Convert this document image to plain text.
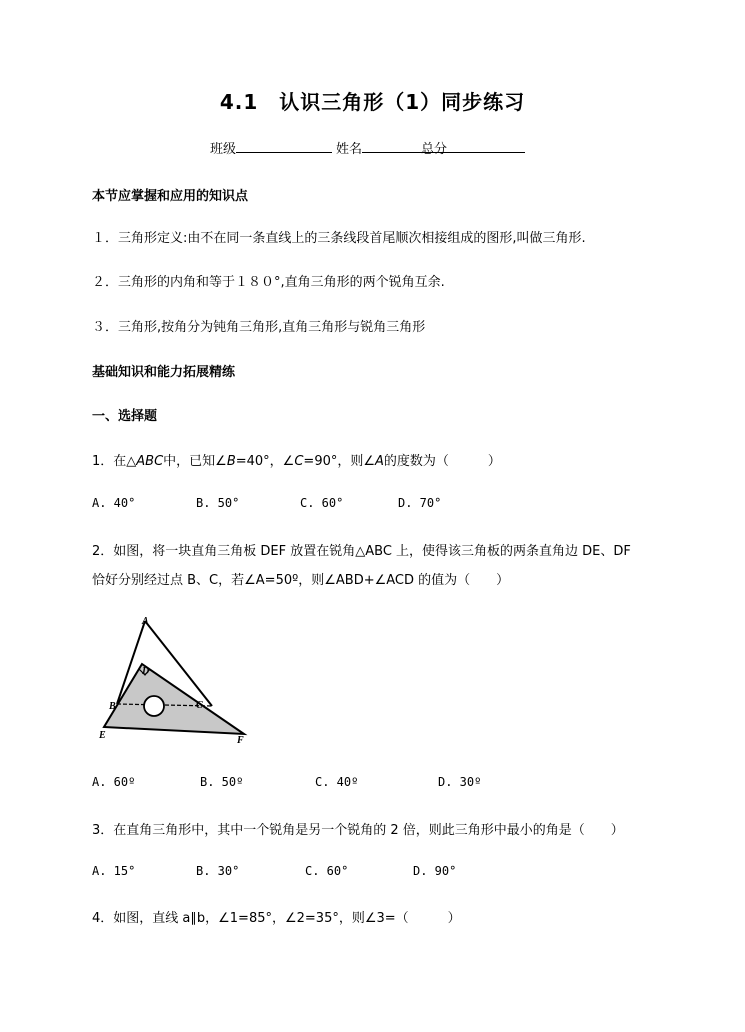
4.1　认识三角形（1）同步练习
班级	姓名	总分
本节应掌握和应用的知识点
１．三角形定义:由不在同一条直线上的三条线段首尾顺次相接组成的图形,叫做三角形.
２．三角形的内角和等于１８０°,直角三角形的两个锐角互余.
３．三角形,按角分为钝角三角形,直角三角形与锐角三角形
基础知识和能力拓展精练
一、选择题
1．在△ABC中，已知∠B=40°，∠C=90°，则∠A的度数为（　　　）
A. 40°	B. 50°	C. 60°	D. 70°
2．如图，将一块直角三角板 DEF 放置在锐角△ABC 上，使得该三角板的两条直角边 DE、DF
恰好分别经过点 B、C，若∠A=50º，则∠ABD+∠ACD 的值为（　　）
A
D
B	C
E	F
A. 60º	B. 50º	C. 40º	D. 30º
3．在直角三角形中，其中一个锐角是另一个锐角的 2 倍，则此三角形中最小的角是（　　）
A. 15°	B. 30°	C. 60°	D. 90°
4．如图，直线 a∥b，∠1=85°，∠2=35°，则∠3=（　　　）
